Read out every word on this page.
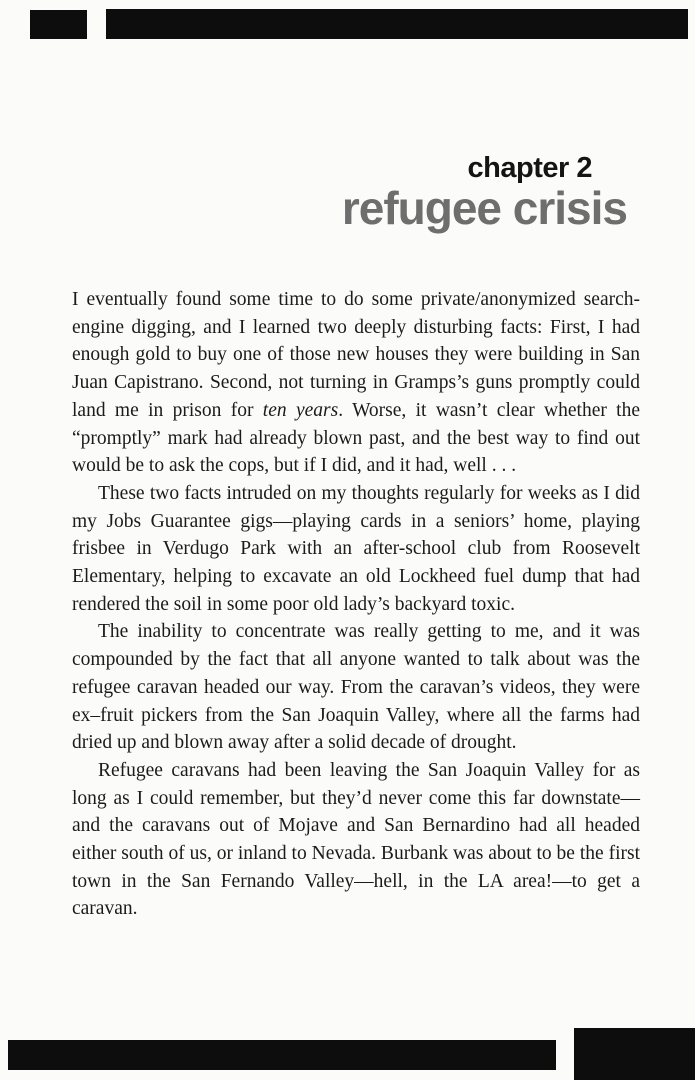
chapter 2
refugee crisis

I eventually found some time to do some private/anonymized search-engine digging, and I learned two deeply disturbing facts: First, I had enough gold to buy one of those new houses they were building in San Juan Capistrano. Second, not turning in Gramps’s guns promptly could land me in prison for ten years. Worse, it wasn’t clear whether the “promptly” mark had already blown past, and the best way to find out would be to ask the cops, but if I did, and it had, well . . .

These two facts intruded on my thoughts regularly for weeks as I did my Jobs Guarantee gigs—playing cards in a seniors’ home, playing frisbee in Verdugo Park with an after-school club from Roosevelt Elementary, helping to excavate an old Lockheed fuel dump that had rendered the soil in some poor old lady’s backyard toxic.

The inability to concentrate was really getting to me, and it was compounded by the fact that all anyone wanted to talk about was the refugee caravan headed our way. From the caravan’s videos, they were ex–fruit pickers from the San Joaquin Valley, where all the farms had dried up and blown away after a solid decade of drought.

Refugee caravans had been leaving the San Joaquin Valley for as long as I could remember, but they’d never come this far downstate—and the caravans out of Mojave and San Bernardino had all headed either south of us, or inland to Nevada. Burbank was about to be the first town in the San Fernando Valley—hell, in the LA area!—to get a caravan.
